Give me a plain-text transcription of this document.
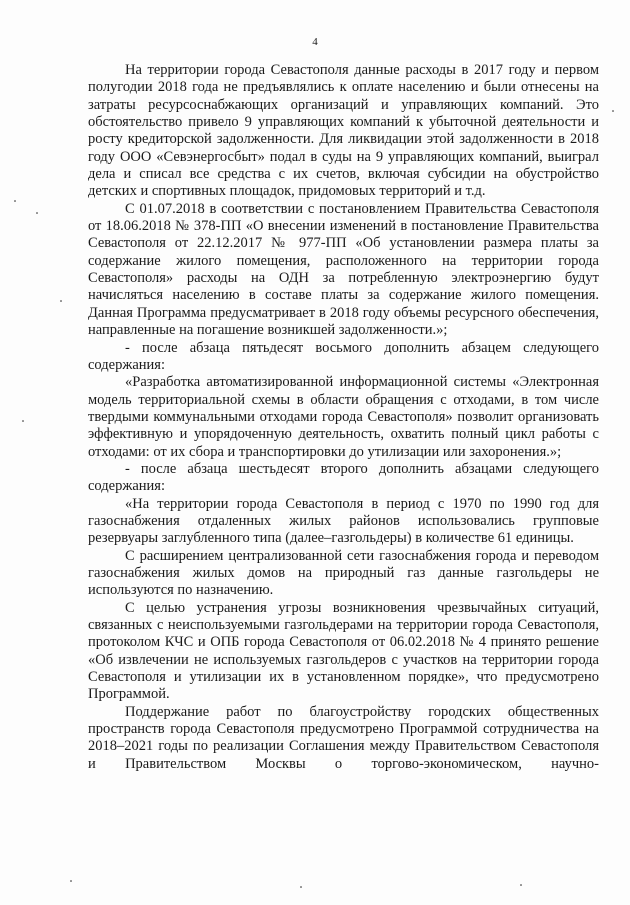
4

На территории города Севастополя данные расходы в 2017 году и первом полугодии 2018 года не предъявлялись к оплате населению и были отнесены на затраты ресурсоснабжающих организаций и управляющих компаний. Это обстоятельство привело 9 управляющих компаний к убыточной деятельности и росту кредиторской задолженности. Для ликвидации этой задолженности в 2018 году ООО «Севэнергосбыт» подал в суды на 9 управляющих компаний, выиграл дела и списал все средства с их счетов, включая субсидии на обустройство детских и спортивных площадок, придомовых территорий и т.д.

С 01.07.2018 в соответствии с постановлением Правительства Севастополя от 18.06.2018 № 378-ПП «О внесении изменений в постановление Правительства Севастополя от 22.12.2017 № 977-ПП «Об установлении размера платы за содержание жилого помещения, расположенного на территории города Севастополя» расходы на ОДН за потребленную электроэнергию будут начисляться населению в составе платы за содержание жилого помещения. Данная Программа предусматривает в 2018 году объемы ресурсного обеспечения, направленные на погашение возникшей задолженности.»;

- после абзаца пятьдесят восьмого дополнить абзацем следующего содержания:

«Разработка автоматизированной информационной системы «Электронная модель территориальной схемы в области обращения с отходами, в том числе твердыми коммунальными отходами города Севастополя» позволит организовать эффективную и упорядоченную деятельность, охватить полный цикл работы с отходами: от их сбора и транспортировки до утилизации или захоронения.»;

- после абзаца шестьдесят второго дополнить абзацами следующего содержания:

«На территории города Севастополя в период с 1970 по 1990 год для газоснабжения отдаленных жилых районов использовались групповые резервуары заглубленного типа (далее–газгольдеры) в количестве 61 единицы.

С расширением централизованной сети газоснабжения города и переводом газоснабжения жилых домов на природный газ данные газгольдеры не используются по назначению.

С целью устранения угрозы возникновения чрезвычайных ситуаций, связанных с неиспользуемыми газгольдерами на территории города Севастополя, протоколом КЧС и ОПБ города Севастополя от 06.02.2018 № 4 принято решение «Об извлечении не используемых газгольдеров с участков на территории города Севастополя и утилизации их в установленном порядке», что предусмотрено Программой.

Поддержание работ по благоустройству городских общественных пространств города Севастополя предусмотрено Программой сотрудничества на 2018–2021 годы по реализации Соглашения между Правительством Севастополя и Правительством Москвы о торгово-экономическом, научно-
